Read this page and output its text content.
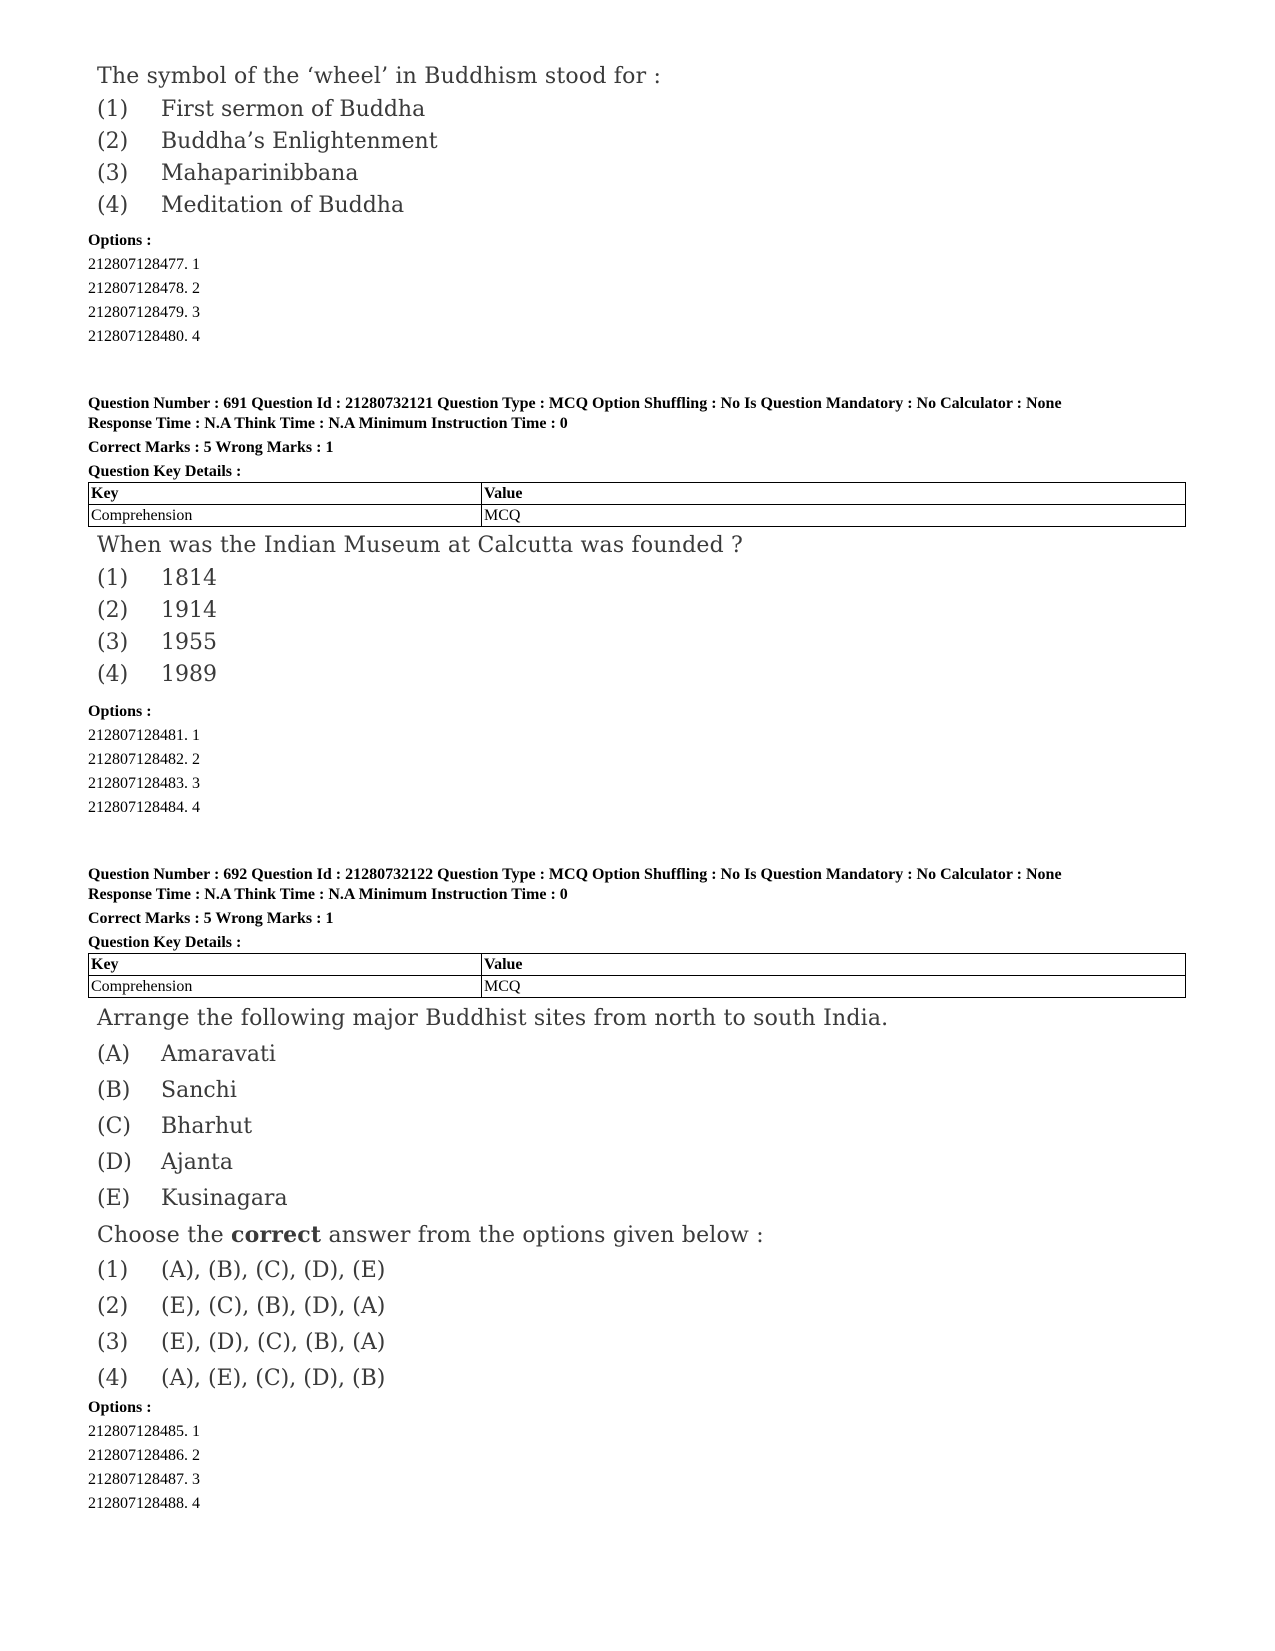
The symbol of the ‘wheel’ in Buddhism stood for :
(1)	First sermon of Buddha
(2)	Buddha’s Enlightenment
(3)	Mahaparinibbana
(4)	Meditation of Buddha
Options :
212807128477. 1
212807128478. 2
212807128479. 3
212807128480. 4
Question Number : 691 Question Id : 21280732121 Question Type : MCQ Option Shuffling : No Is Question Mandatory : No Calculator : None
Response Time : N.A Think Time : N.A Minimum Instruction Time : 0
Correct Marks : 5 Wrong Marks : 1
Question Key Details :
Key	Value
Comprehension	MCQ
When was the Indian Museum at Calcutta was founded ?
(1)	1814
(2)	1914
(3)	1955
(4)	1989
Options :
212807128481. 1
212807128482. 2
212807128483. 3
212807128484. 4
Question Number : 692 Question Id : 21280732122 Question Type : MCQ Option Shuffling : No Is Question Mandatory : No Calculator : None
Response Time : N.A Think Time : N.A Minimum Instruction Time : 0
Correct Marks : 5 Wrong Marks : 1
Question Key Details :
Key	Value
Comprehension	MCQ
Arrange the following major Buddhist sites from north to south India.
(A)	Amaravati
(B)	Sanchi
(C)	Bharhut
(D)	Ajanta
(E)	Kusinagara
Choose the correct answer from the options given below :
(1)	(A), (B), (C), (D), (E)
(2)	(E), (C), (B), (D), (A)
(3)	(E), (D), (C), (B), (A)
(4)	(A), (E), (C), (D), (B)
Options :
212807128485. 1
212807128486. 2
212807128487. 3
212807128488. 4
